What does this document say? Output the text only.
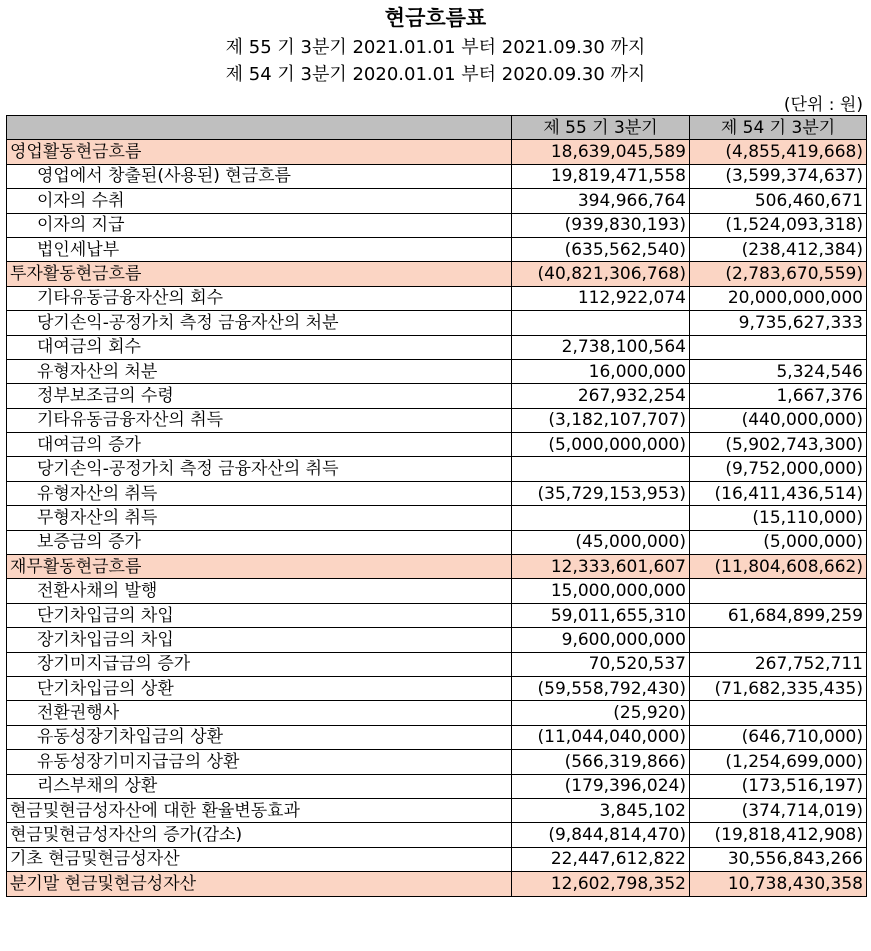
현금흐름표
제 55 기 3분기 2021.01.01 부터 2021.09.30 까지
제 54 기 3분기 2020.01.01 부터 2020.09.30 까지
(단위 : 원)
	제 55 기 3분기	제 54 기 3분기
영업활동현금흐름	18,639,045,589	(4,855,419,668)
영업에서 창출된(사용된) 현금흐름	19,819,471,558	(3,599,374,637)
이자의 수취	394,966,764	506,460,671
이자의 지급	(939,830,193)	(1,524,093,318)
법인세납부	(635,562,540)	(238,412,384)
투자활동현금흐름	(40,821,306,768)	(2,783,670,559)
기타유동금융자산의 회수	112,922,074	20,000,000,000
당기손익-공정가치 측정 금융자산의 처분		9,735,627,333
대여금의 회수	2,738,100,564	
유형자산의 처분	16,000,000	5,324,546
정부보조금의 수령	267,932,254	1,667,376
기타유동금융자산의 취득	(3,182,107,707)	(440,000,000)
대여금의 증가	(5,000,000,000)	(5,902,743,300)
당기손익-공정가치 측정 금융자산의 취득		(9,752,000,000)
유형자산의 취득	(35,729,153,953)	(16,411,436,514)
무형자산의 취득		(15,110,000)
보증금의 증가	(45,000,000)	(5,000,000)
재무활동현금흐름	12,333,601,607	(11,804,608,662)
전환사채의 발행	15,000,000,000	
단기차입금의 차입	59,011,655,310	61,684,899,259
장기차입금의 차입	9,600,000,000	
장기미지급금의 증가	70,520,537	267,752,711
단기차입금의 상환	(59,558,792,430)	(71,682,335,435)
전환권행사	(25,920)	
유동성장기차입금의 상환	(11,044,040,000)	(646,710,000)
유동성장기미지급금의 상환	(566,319,866)	(1,254,699,000)
리스부채의 상환	(179,396,024)	(173,516,197)
현금및현금성자산에 대한 환율변동효과	3,845,102	(374,714,019)
현금및현금성자산의 증가(감소)	(9,844,814,470)	(19,818,412,908)
기초 현금및현금성자산	22,447,612,822	30,556,843,266
분기말 현금및현금성자산	12,602,798,352	10,738,430,358
